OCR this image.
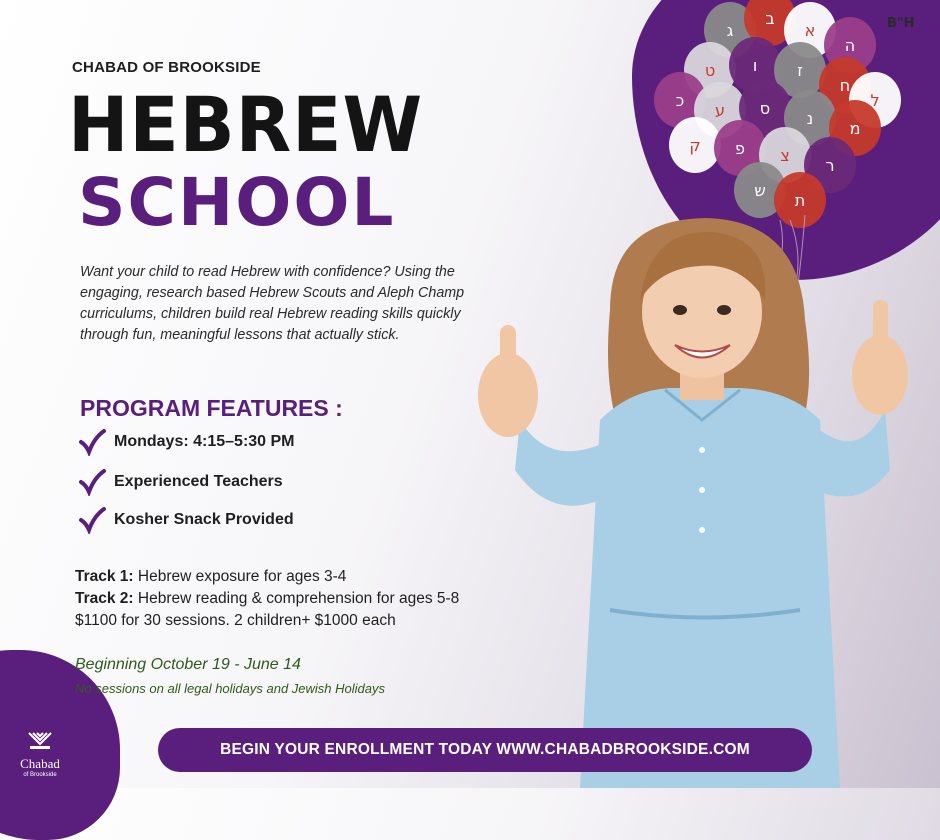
ג
ב
א
ה
ט ו	ז
ח
ל
כ
ע ס
נ
מ
ק פ צ
ר
ש
ת
B"H
CHABAD OF BROOKSIDE
HEBREW
SCHOOL
Want your child to read Hebrew with confidence? Using the engaging, research based Hebrew Scouts and Aleph Champ curriculums, children build real Hebrew reading skills quickly through fun, meaningful lessons that actually stick.
PROGRAM FEATURES :
Mondays: 4:15–5:30 PM
Experienced Teachers
Kosher Snack Provided
Track 1: Hebrew exposure for ages 3-4
Track 2: Hebrew reading & comprehension for ages 5-8
$1100 for 30 sessions. 2 children+ $1000 each
Beginning October 19 - June 14
No sessions on all legal holidays and Jewish Holidays
BEGIN YOUR ENROLLMENT TODAY WWW.CHABADBROOKSIDE.COM
Chabad
of Brookside
